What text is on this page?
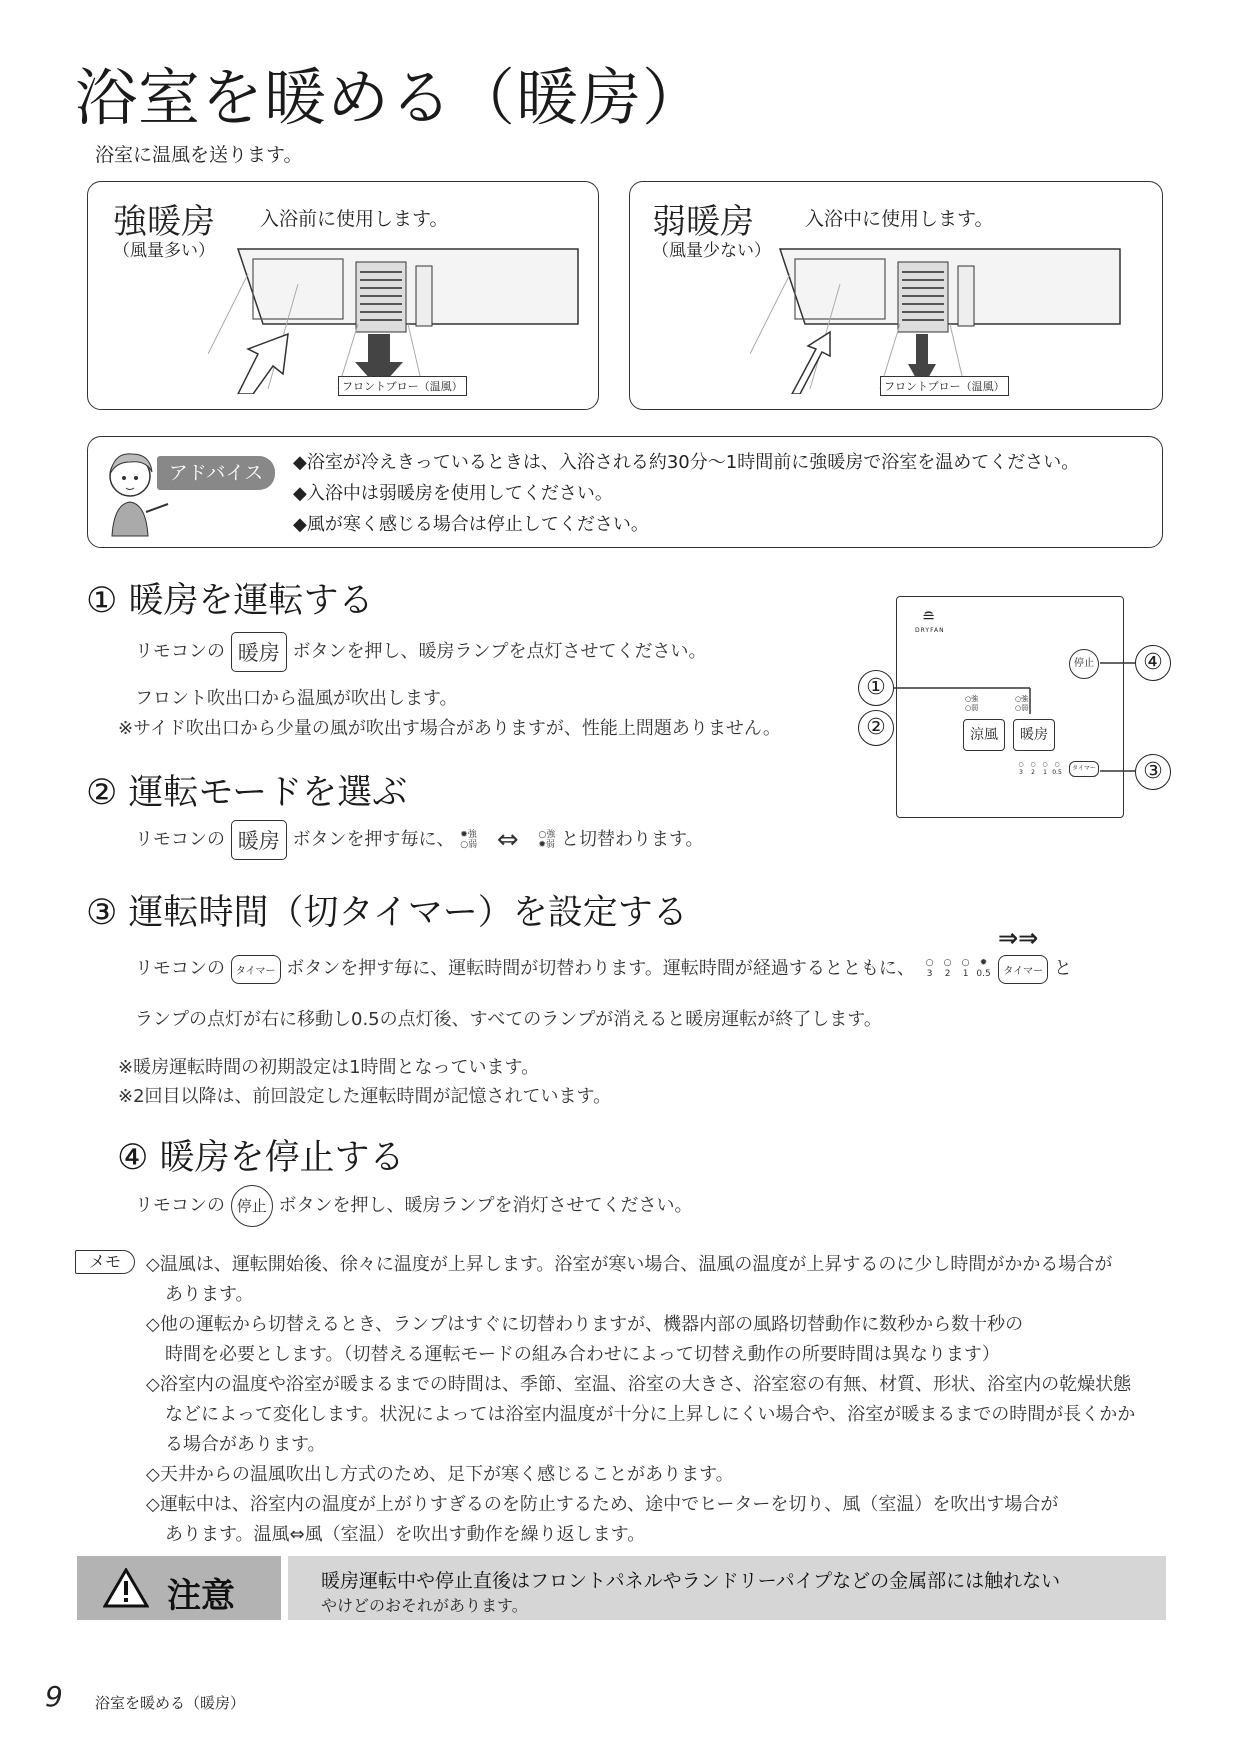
浴室を暖める（暖房）
浴室に温風を送ります。
強暖房
（風量多い）
入浴前に使用します。
フロントブロー（温風）
弱暖房
（風量少ない）
入浴中に使用します。
フロントブロー（温風）
アドバイス	◆浴室が冷えきっているときは、入浴される約30分〜1時間前に強暖房で浴室を温めてください。
◆入浴中は弱暖房を使用してください。
◆風が寒く感じる場合は停止してください。
① 暖房を運転する
リモコンの 暖房 ボタンを押し、暖房ランプを点灯させてください。
フロント吹出口から温風が吹出します。
※サイド吹出口から少量の風が吹出す場合がありますが、性能上問題ありません。
② 運転モードを選ぶ
リモコンの 暖房 ボタンを押す毎に、 ✹強
○弱 ⇔ ○強
✹弱 と切替わります。
③ 運転時間（切タイマー）を設定する
⇒⇒
リモコンの タイマー ボタンを押す毎に、運転時間が切替わります。運転時間が経過するとともに、 ○
3○
2○
1✹
0.5 タイマー と
ランプの点灯が右に移動し0.5の点灯後、すべてのランプが消えると暖房運転が終了します。
※暖房運転時間の初期設定は1時間となっています。
※2回目以降は、前回設定した運転時間が記憶されています。
④ 暖房を停止する
リモコンの 停止 ボタンを押し、暖房ランプを消灯させてください。
≘
DRYFAN
停止
○強
○弱
○強
○弱
涼風	暖房
○
3○
2○
1○
0.5
タイマー
①
②
④
③
メモ	◇温風は、運転開始後、徐々に温度が上昇します。浴室が寒い場合、温風の温度が上昇するのに少し時間がかかる場合が
あります。
◇他の運転から切替えるとき、ランプはすぐに切替わりますが、機器内部の風路切替動作に数秒から数十秒の
時間を必要とします。（切替える運転モードの組み合わせによって切替え動作の所要時間は異なります）
◇浴室内の温度や浴室が暖まるまでの時間は、季節、室温、浴室の大きさ、浴室窓の有無、材質、形状、浴室内の乾燥状態
などによって変化します。状況によっては浴室内温度が十分に上昇しにくい場合や、浴室が暖まるまでの時間が長くかか
る場合があります。
◇天井からの温風吹出し方式のため、足下が寒く感じることがあります。
◇運転中は、浴室内の温度が上がりすぎるのを防止するため、途中でヒーターを切り、風（室温）を吹出す場合が
あります。温風⇔風（室温）を吹出す動作を繰り返します。
注意	暖房運転中や停止直後はフロントパネルやランドリーパイプなどの金属部には触れない
やけどのおそれがあります。
9 浴室を暖める（暖房）
